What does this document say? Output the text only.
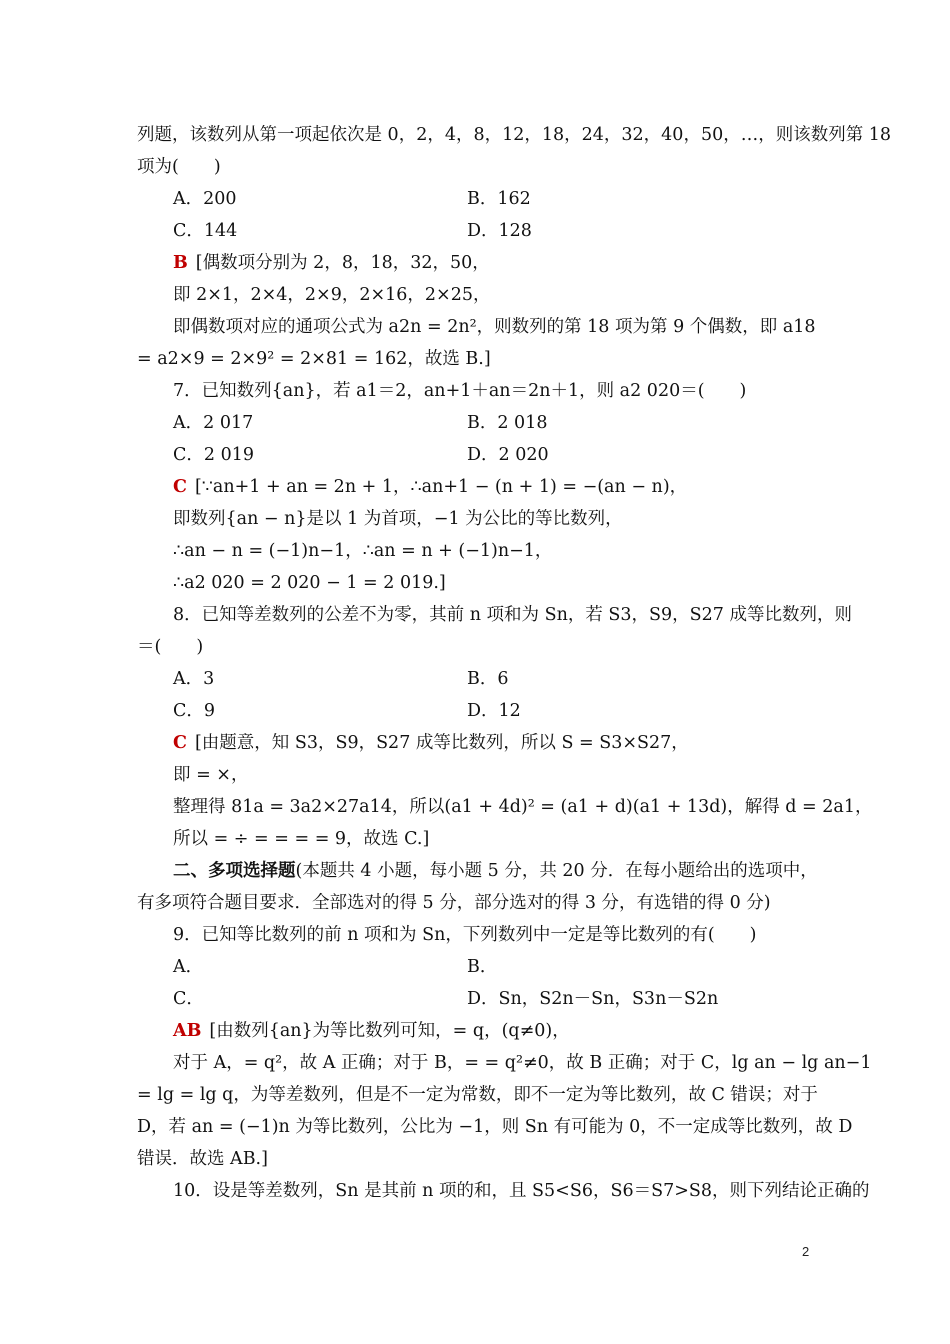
列题，该数列从第一项起依次是 0，2，4，8，12，18，24，32，40，50，…，则该数列第 18
项为(　　)
A．200	B．162
C．144	D．128
B [偶数项分别为 2，8，18，32，50，
即 2×1，2×4，2×9，2×16，2×25，
即偶数项对应的通项公式为 a2n = 2n²，则数列的第 18 项为第 9 个偶数，即 a18
= a2×9 = 2×9² = 2×81 = 162，故选 B.]
7．已知数列{an}，若 a1＝2，an+1＋an＝2n＋1，则 a2 020＝(　　)
A．2 017	B．2 018
C．2 019	D．2 020
C [∵an+1 + an = 2n + 1，∴an+1 − (n + 1) = −(an − n)，
即数列{an − n}是以 1 为首项，−1 为公比的等比数列，
∴an − n = (−1)n−1，∴an = n + (−1)n−1，
∴a2 020 = 2 020 − 1 = 2 019.]
8．已知等差数列的公差不为零，其前 n 项和为 Sn，若 S3，S9，S27 成等比数列，则
＝(　　)
A．3	B．6
C．9	D．12
C [由题意，知 S3，S9，S27 成等比数列，所以 S = S3×S27，
即 = ×，
整理得 81a = 3a2×27a14，所以(a1 + 4d)² = (a1 + d)(a1 + 13d)，解得 d = 2a1，
所以 = ÷ = = = = 9，故选 C.]
二、多项选择题(本题共 4 小题，每小题 5 分，共 20 分．在每小题给出的选项中，
有多项符合题目要求．全部选对的得 5 分，部分选对的得 3 分，有选错的得 0 分)
9．已知等比数列的前 n 项和为 Sn，下列数列中一定是等比数列的有(　　)
A．	B．
C．	D．Sn，S2n－Sn，S3n－S2n
AB [由数列{an}为等比数列可知，= q，(q≠0)，
对于 A，= q²，故 A 正确；对于 B，= = q²≠0，故 B 正确；对于 C，lg an − lg an−1
= lg = lg q，为等差数列，但是不一定为常数，即不一定为等比数列，故 C 错误；对于
D，若 an = (−1)n 为等比数列，公比为 −1，则 Sn 有可能为 0，不一定成等比数列，故 D
错误．故选 AB.]
10．设是等差数列，Sn 是其前 n 项的和，且 S5<S6，S6＝S7>S8，则下列结论正确的
2
